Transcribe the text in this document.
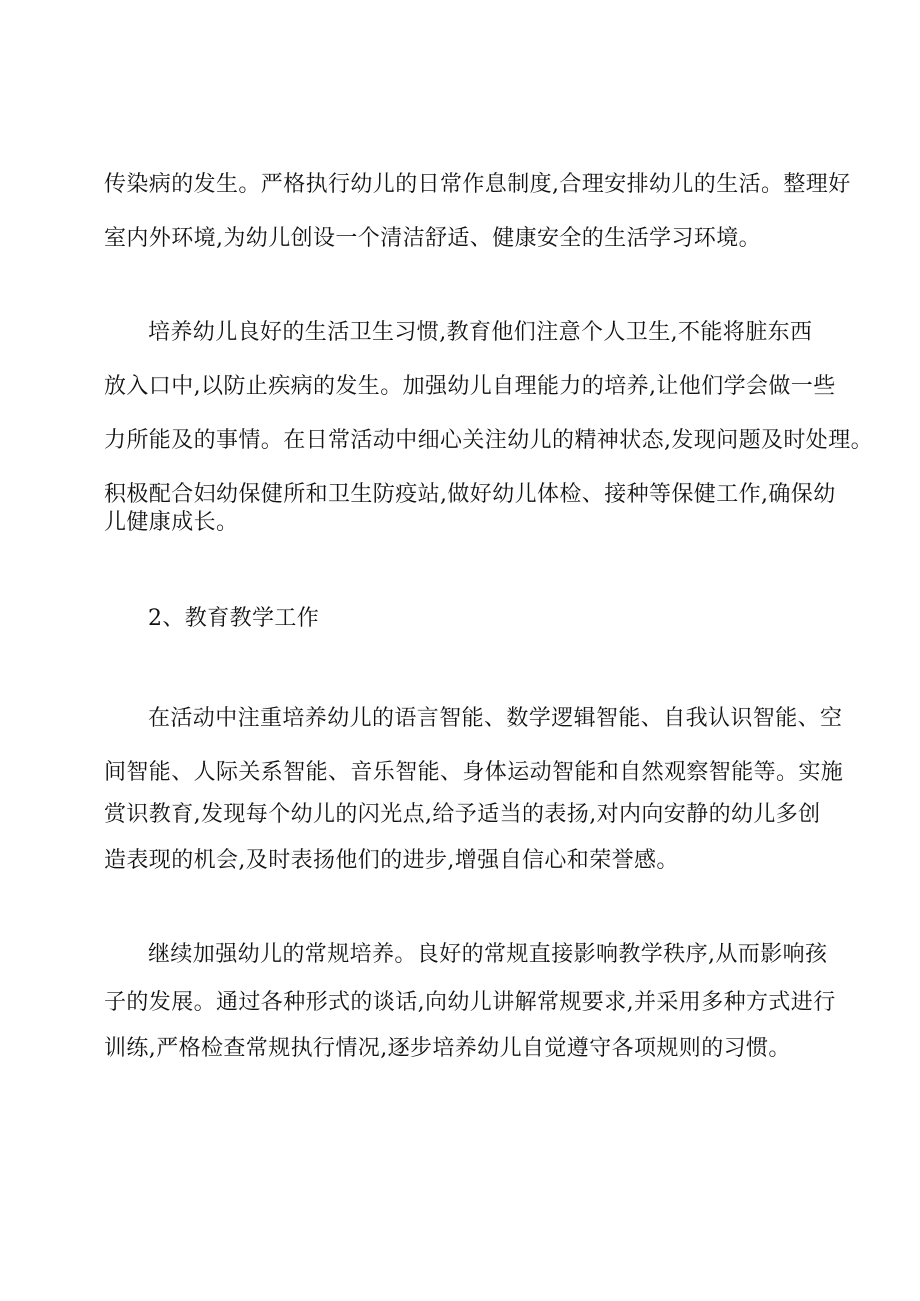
传染病的发生。严格执行幼儿的日常作息制度,合理安排幼儿的生活。整理好
室内外环境,为幼儿创设一个清洁舒适、健康安全的生活学习环境。
培养幼儿良好的生活卫生习惯,教育他们注意个人卫生,不能将脏东西
放入口中,以防止疾病的发生。加强幼儿自理能力的培养,让他们学会做一些
力所能及的事情。在日常活动中细心关注幼儿的精神状态,发现问题及时处理。
积极配合妇幼保健所和卫生防疫站,做好幼儿体检、接种等保健工作,确保幼
儿健康成长。
2、教育教学工作
在活动中注重培养幼儿的语言智能、数学逻辑智能、自我认识智能、空
间智能、人际关系智能、音乐智能、身体运动智能和自然观察智能等。实施
赏识教育,发现每个幼儿的闪光点,给予适当的表扬,对内向安静的幼儿多创
造表现的机会,及时表扬他们的进步,增强自信心和荣誉感。
继续加强幼儿的常规培养。良好的常规直接影响教学秩序,从而影响孩
子的发展。通过各种形式的谈话,向幼儿讲解常规要求,并采用多种方式进行
训练,严格检查常规执行情况,逐步培养幼儿自觉遵守各项规则的习惯。
